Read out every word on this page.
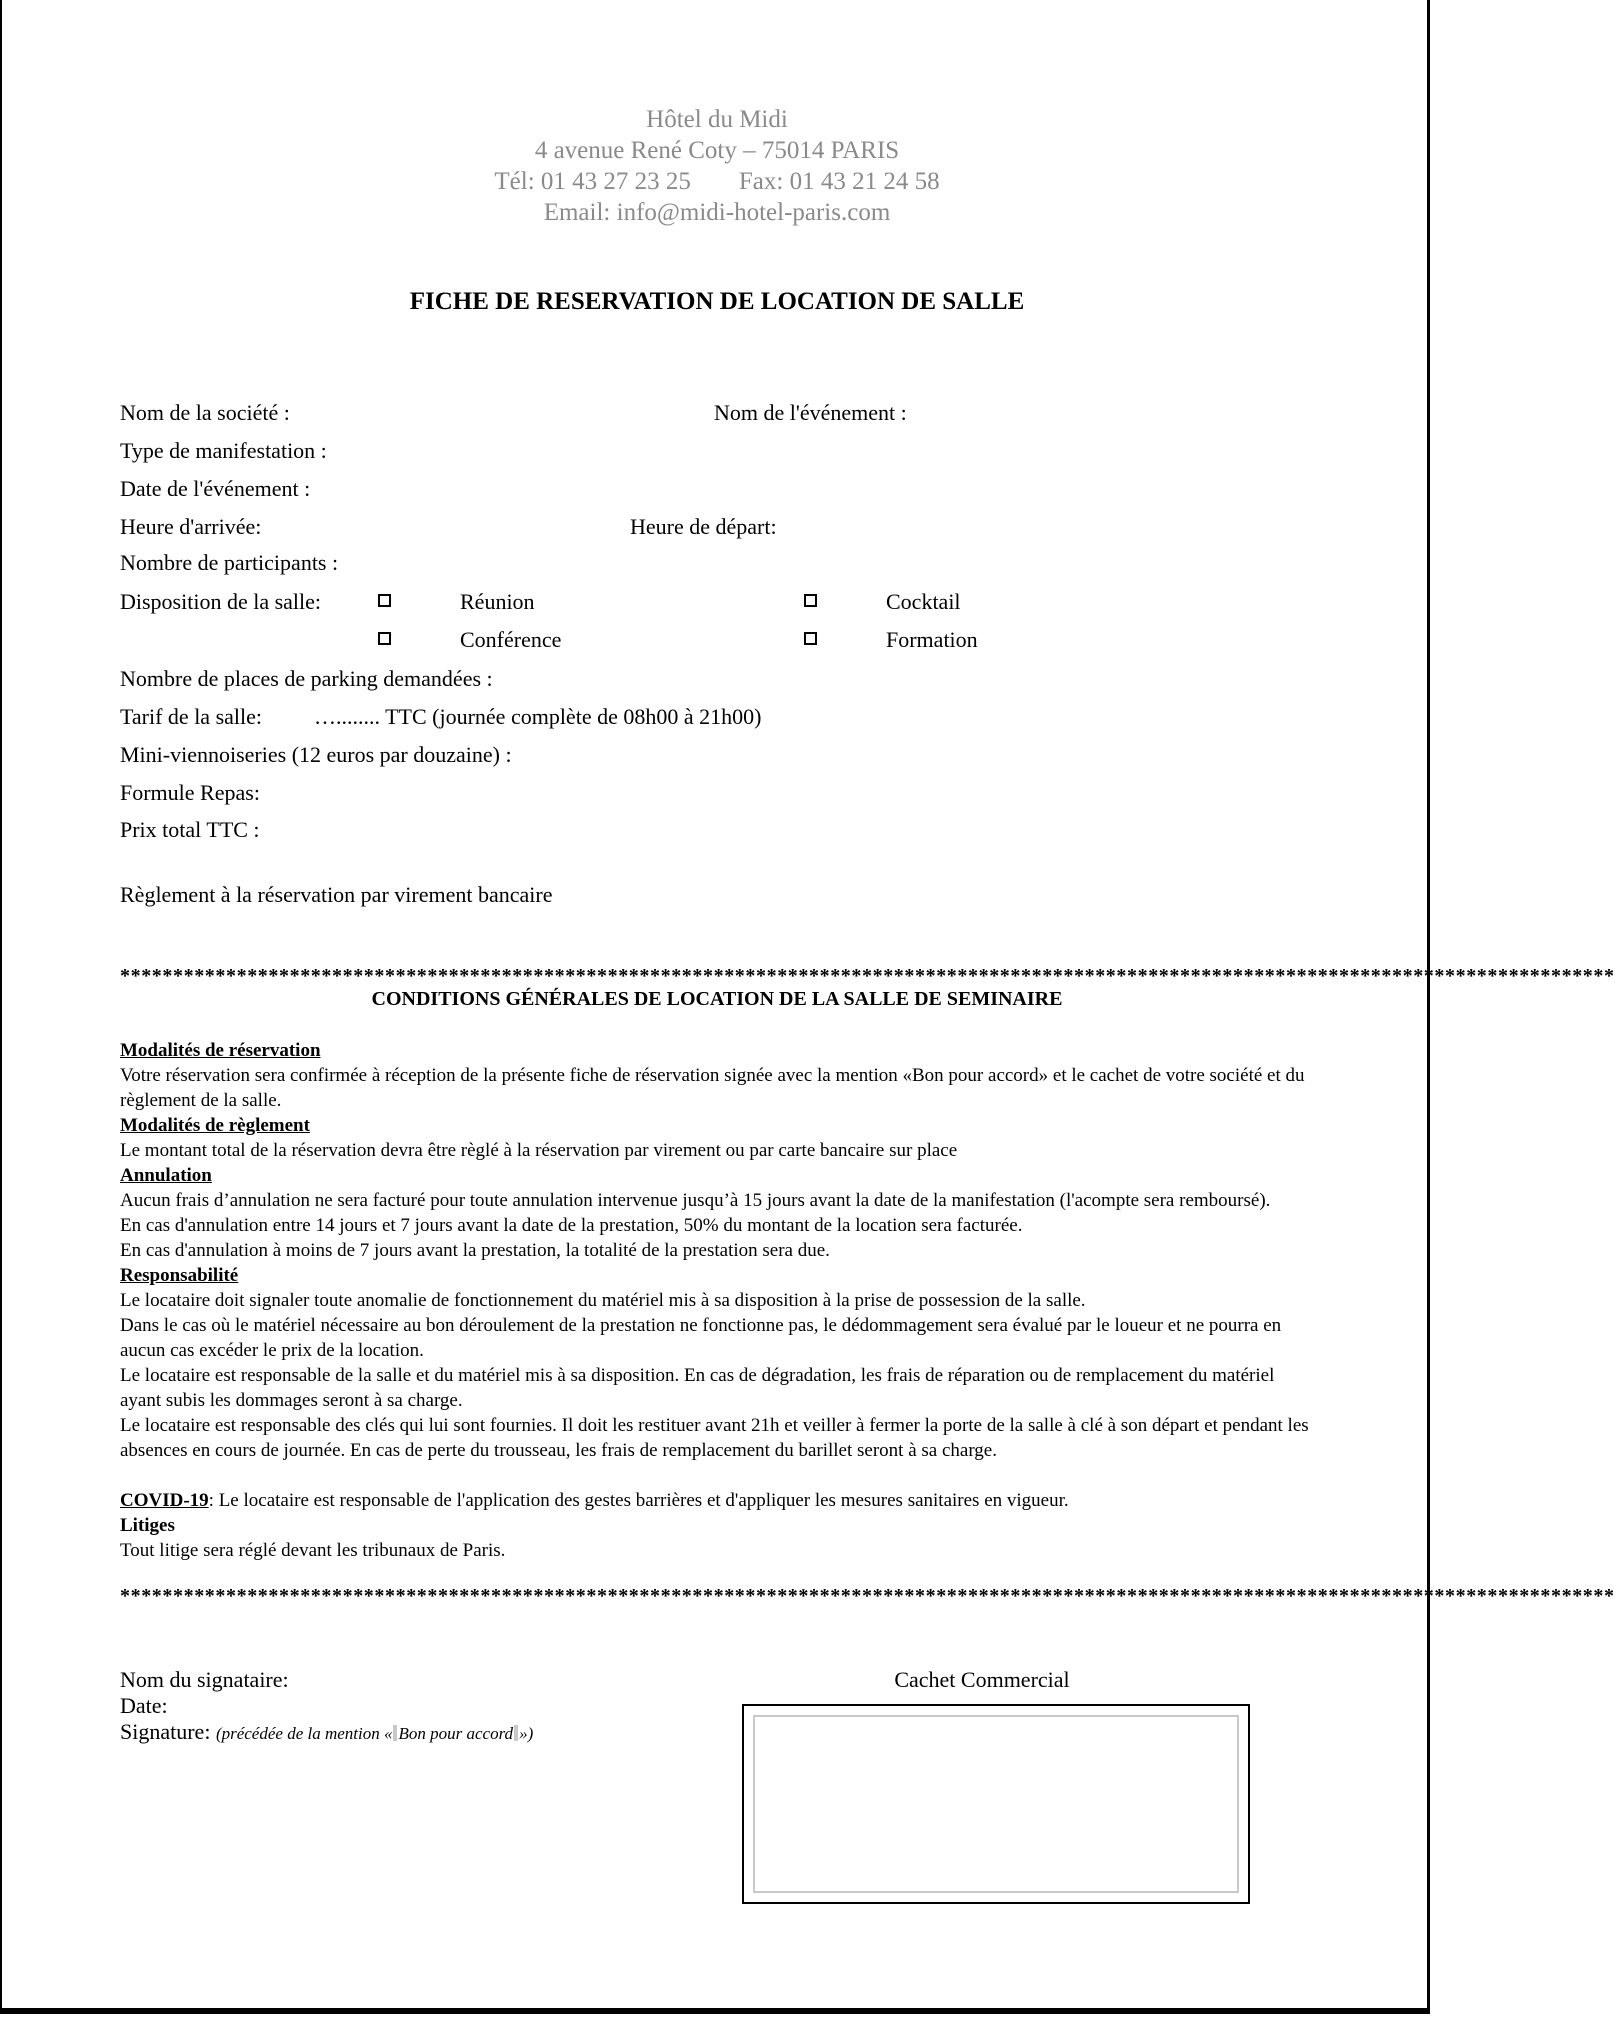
Hôtel du Midi
4 avenue René Coty – 75014 PARIS
Tél: 01 43 27 23 25 Fax: 01 43 21 24 58
Email: info@midi-hotel-paris.com
FICHE DE RESERVATION DE LOCATION DE SALLE
Nom de la société :	Nom de l'événement :
Type de manifestation :
Date de l'événement :
Heure d'arrivée:	Heure de départ:
Nombre de participants :
Disposition de la salle:	Réunion	Cocktail
Conférence	Formation
Nombre de places de parking demandées :
Tarif de la salle: …........ TTC (journée complète de 08h00 à 21h00)
Mini-viennoiseries (12 euros par douzaine) :
Formule Repas:
Prix total TTC :
Règlement à la réservation par virement bancaire
*********************************************************************************************************************************************
CONDITIONS GÉNÉRALES DE LOCATION DE LA SALLE DE SEMINAIRE

Modalités de réservation

Votre réservation sera confirmée à réception de la présente fiche de réservation signée avec la mention «Bon pour accord» et le cachet de votre société et du règlement de la salle.

Modalités de règlement

Le montant total de la réservation devra être règlé à la réservation par virement ou par carte bancaire sur place

Annulation

Aucun frais d’annulation ne sera facturé pour toute annulation intervenue jusqu’à 15 jours avant la date de la manifestation (l'acompte sera remboursé).

En cas d'annulation entre 14 jours et 7 jours avant la date de la prestation, 50% du montant de la location sera facturée.

En cas d'annulation à moins de 7 jours avant la prestation, la totalité de la prestation sera due.

Responsabilité

Le locataire doit signaler toute anomalie de fonctionnement du matériel mis à sa disposition à la prise de possession de la salle.

Dans le cas où le matériel nécessaire au bon déroulement de la prestation ne fonctionne pas, le dédommagement sera évalué par le loueur et ne pourra en aucun cas excéder le prix de la location.

Le locataire est responsable de la salle et du matériel mis à sa disposition. En cas de dégradation, les frais de réparation ou de remplacement du matériel ayant subis les dommages seront à sa charge.

Le locataire est responsable des clés qui lui sont fournies. Il doit les restituer avant 21h et veiller à fermer la porte de la salle à clé à son départ et pendant les absences en cours de journée. En cas de perte du trousseau, les frais de remplacement du barillet seront à sa charge.

COVID-19: Le locataire est responsable de l'application des gestes barrières et d'appliquer les mesures sanitaires en vigueur.

Litiges

Tout litige sera réglé devant les tribunaux de Paris.

*********************************************************************************************************************************************
Nom du signataire:
Date:
Signature: (précédée de la mention « Bon pour accord »)
Cachet Commercial
